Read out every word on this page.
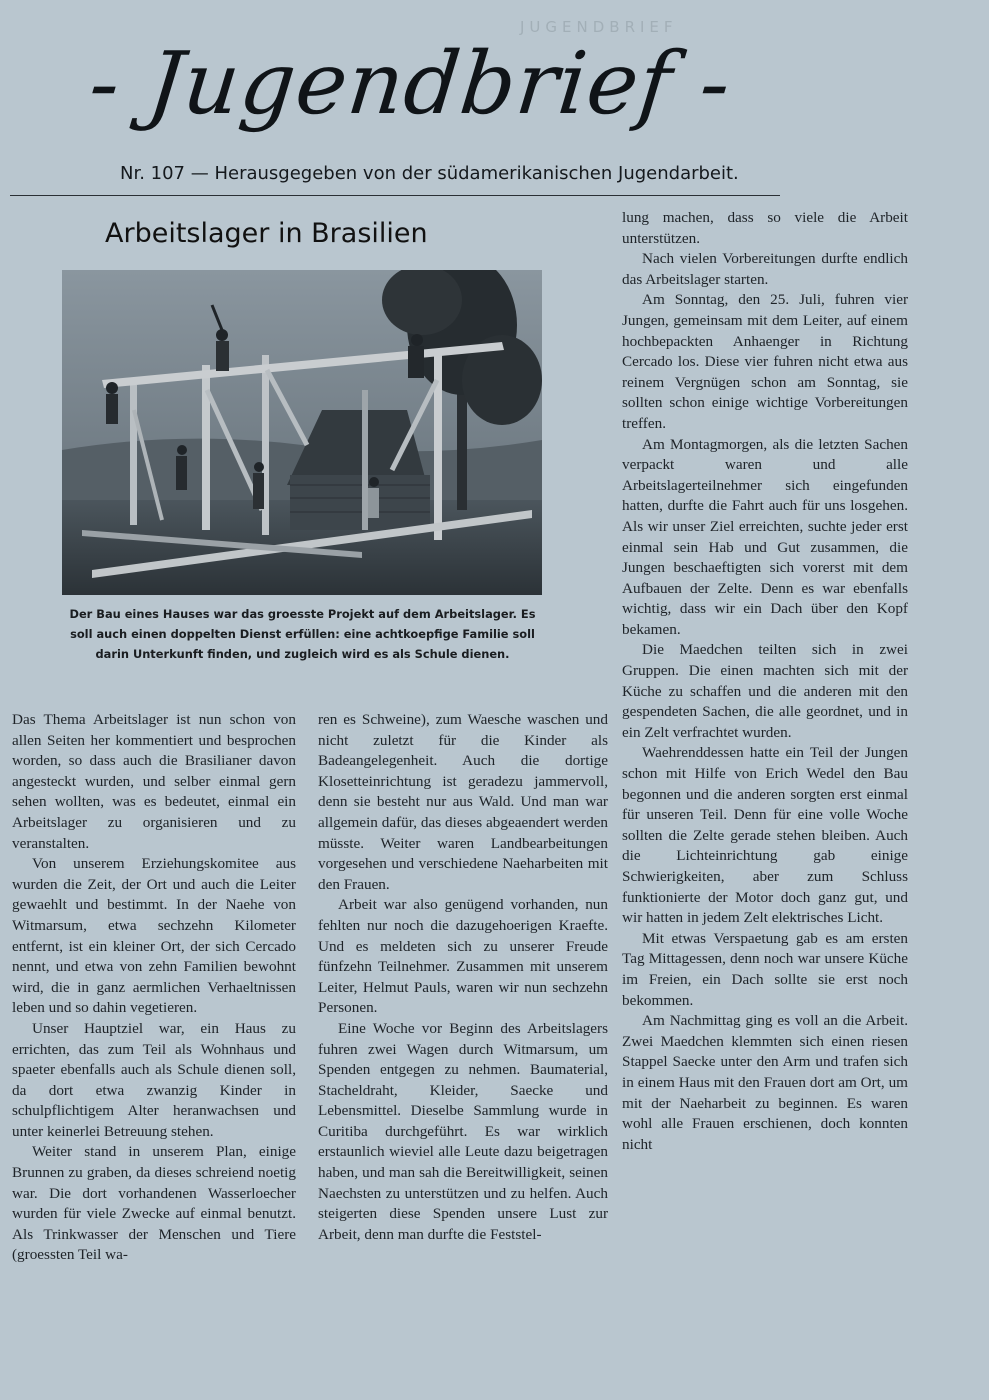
JUGENDBRIEF
- Jugendbrief -
Nr. 107 — Herausgegeben von der südamerikanischen Jugendarbeit.
Arbeitslager in Brasilien
Der Bau eines Hauses war das groesste Projekt auf dem Arbeitslager. Es soll auch einen doppelten Dienst erfüllen: eine achtkoepfige Familie soll darin Unterkunft finden, und zugleich wird es als Schule dienen.

Das Thema Arbeitslager ist nun schon von allen Seiten her kommentiert und besprochen worden, so dass auch die Brasilianer davon angesteckt wurden, und selber einmal gern sehen wollten, was es bedeutet, einmal ein Arbeitslager zu organisieren und zu veranstalten.

Von unserem Erziehungskomitee aus wurden die Zeit, der Ort und auch die Leiter gewaehlt und bestimmt. In der Naehe von Witmarsum, etwa sechzehn Kilometer entfernt, ist ein kleiner Ort, der sich Cercado nennt, und etwa von zehn Familien bewohnt wird, die in ganz aermlichen Verhaeltnissen leben und so dahin vegetieren.

Unser Hauptziel war, ein Haus zu errichten, das zum Teil als Wohnhaus und spaeter ebenfalls auch als Schule dienen soll, da dort etwa zwanzig Kinder in schulpflichtigem Alter heranwachsen und unter keinerlei Betreuung stehen.

Weiter stand in unserem Plan, einige Brunnen zu graben, da dieses schreiend noetig war. Die dort vorhandenen Wasserloecher wurden für viele Zwecke auf einmal benutzt. Als Trinkwasser der Menschen und Tiere (groessten Teil wa-

ren es Schweine), zum Waesche waschen und nicht zuletzt für die Kinder als Badeangelegenheit. Auch die dortige Klosetteinrichtung ist geradezu jammervoll, denn sie besteht nur aus Wald. Und man war allgemein dafür, das dieses abgeaendert werden müsste. Weiter waren Landbearbeitungen vorgesehen und verschiedene Naeharbeiten mit den Frauen.

Arbeit war also genügend vorhanden, nun fehlten nur noch die dazugehoerigen Kraefte. Und es meldeten sich zu unserer Freude fünfzehn Teilnehmer. Zusammen mit unserem Leiter, Helmut Pauls, waren wir nun sechzehn Personen.

Eine Woche vor Beginn des Arbeitslagers fuhren zwei Wagen durch Witmarsum, um Spenden entgegen zu nehmen. Baumaterial, Stacheldraht, Kleider, Saecke und Lebensmittel. Dieselbe Sammlung wurde in Curitiba durchgeführt. Es war wirklich erstaunlich wieviel alle Leute dazu beigetragen haben, und man sah die Bereitwilligkeit, seinen Naechsten zu unterstützen und zu helfen. Auch steigerten diese Spenden unsere Lust zur Arbeit, denn man durfte die Feststel-

lung machen, dass so viele die Arbeit unterstützen.

Nach vielen Vorbereitungen durfte endlich das Arbeitslager starten.

Am Sonntag, den 25. Juli, fuhren vier Jungen, gemeinsam mit dem Leiter, auf einem hochbepackten Anhaenger in Richtung Cercado los. Diese vier fuhren nicht etwa aus reinem Vergnügen schon am Sonntag, sie sollten schon einige wichtige Vorbereitungen treffen.

Am Montagmorgen, als die letzten Sachen verpackt waren und alle Arbeitslagerteilnehmer sich eingefunden hatten, durfte die Fahrt auch für uns losgehen. Als wir unser Ziel erreichten, suchte jeder erst einmal sein Hab und Gut zusammen, die Jungen beschaeftigten sich vorerst mit dem Aufbauen der Zelte. Denn es war ebenfalls wichtig, dass wir ein Dach über den Kopf bekamen.

Die Maedchen teilten sich in zwei Gruppen. Die einen machten sich mit der Küche zu schaffen und die anderen mit den gespendeten Sachen, die alle geordnet, und in ein Zelt verfrachtet wurden.

Waehrenddessen hatte ein Teil der Jungen schon mit Hilfe von Erich Wedel den Bau begonnen und die anderen sorgten erst einmal für unseren Teil. Denn für eine volle Woche sollten die Zelte gerade stehen bleiben. Auch die Lichteinrichtung gab einige Schwierigkeiten, aber zum Schluss funktionierte der Motor doch ganz gut, und wir hatten in jedem Zelt elektrisches Licht.

Mit etwas Verspaetung gab es am ersten Tag Mittagessen, denn noch war unsere Küche im Freien, ein Dach sollte sie erst noch bekommen.

Am Nachmittag ging es voll an die Arbeit. Zwei Maedchen klemmten sich einen riesen Stappel Saecke unter den Arm und trafen sich in einem Haus mit den Frauen dort am Ort, um mit der Naeharbeit zu beginnen. Es waren wohl alle Frauen erschienen, doch konnten nicht
